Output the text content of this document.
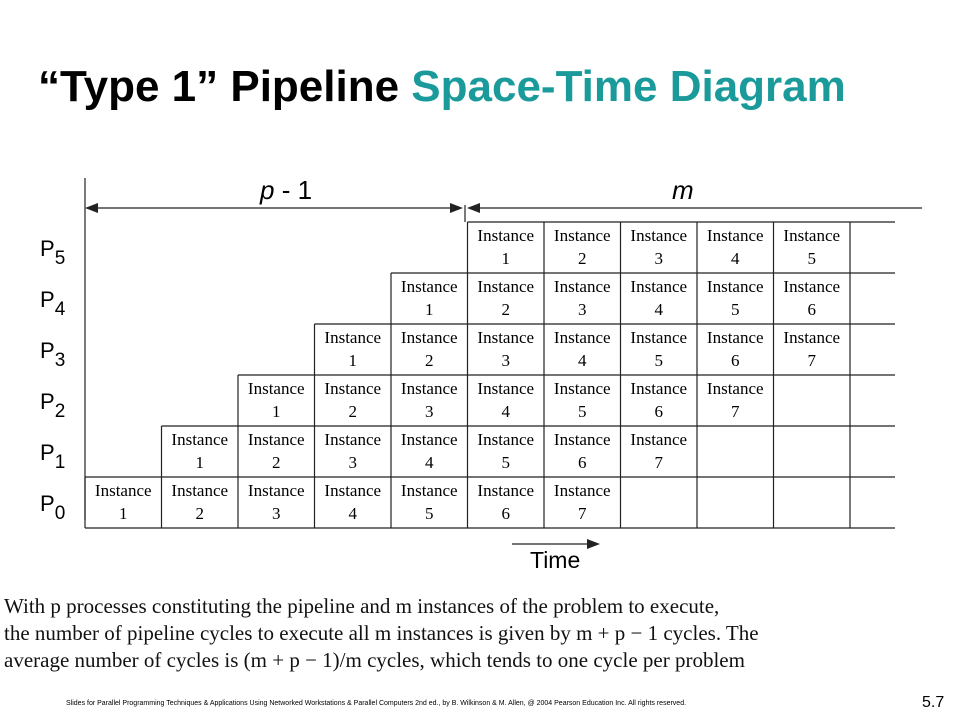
“Type 1” Pipeline Space-Time Diagram
Instance
1
Instance
2
Instance
3
Instance
4
Instance
5
Instance
1
Instance
2
Instance
3
Instance
4
Instance
5
Instance
6
Instance
1
Instance
2
Instance
3
Instance
4
Instance
5
Instance
6
Instance
7
Instance
1
Instance
2
Instance
3
Instance
4
Instance
5
Instance
6
Instance
7
Instance
1
Instance
2
Instance
3
Instance
4
Instance
5
Instance
6
Instance
7
Instance
1
Instance
2
Instance
3
Instance
4
Instance
5
Instance
6
Instance
7
P5
P4
P3
P2
P1
P0
p - 1	m
Time

With p processes constituting the pipeline and m instances of the problem to execute,

the number of pipeline cycles to execute all m instances is given by m + p − 1 cycles. The

average number of cycles is (m + p − 1)/m cycles, which tends to one cycle per problem

Slides for Parallel Programming Techniques & Applications Using Networked Workstations & Parallel Computers 2nd ed., by B. Wilkinson & M. Allen, @ 2004 Pearson Education Inc. All rights reserved.	5.7
